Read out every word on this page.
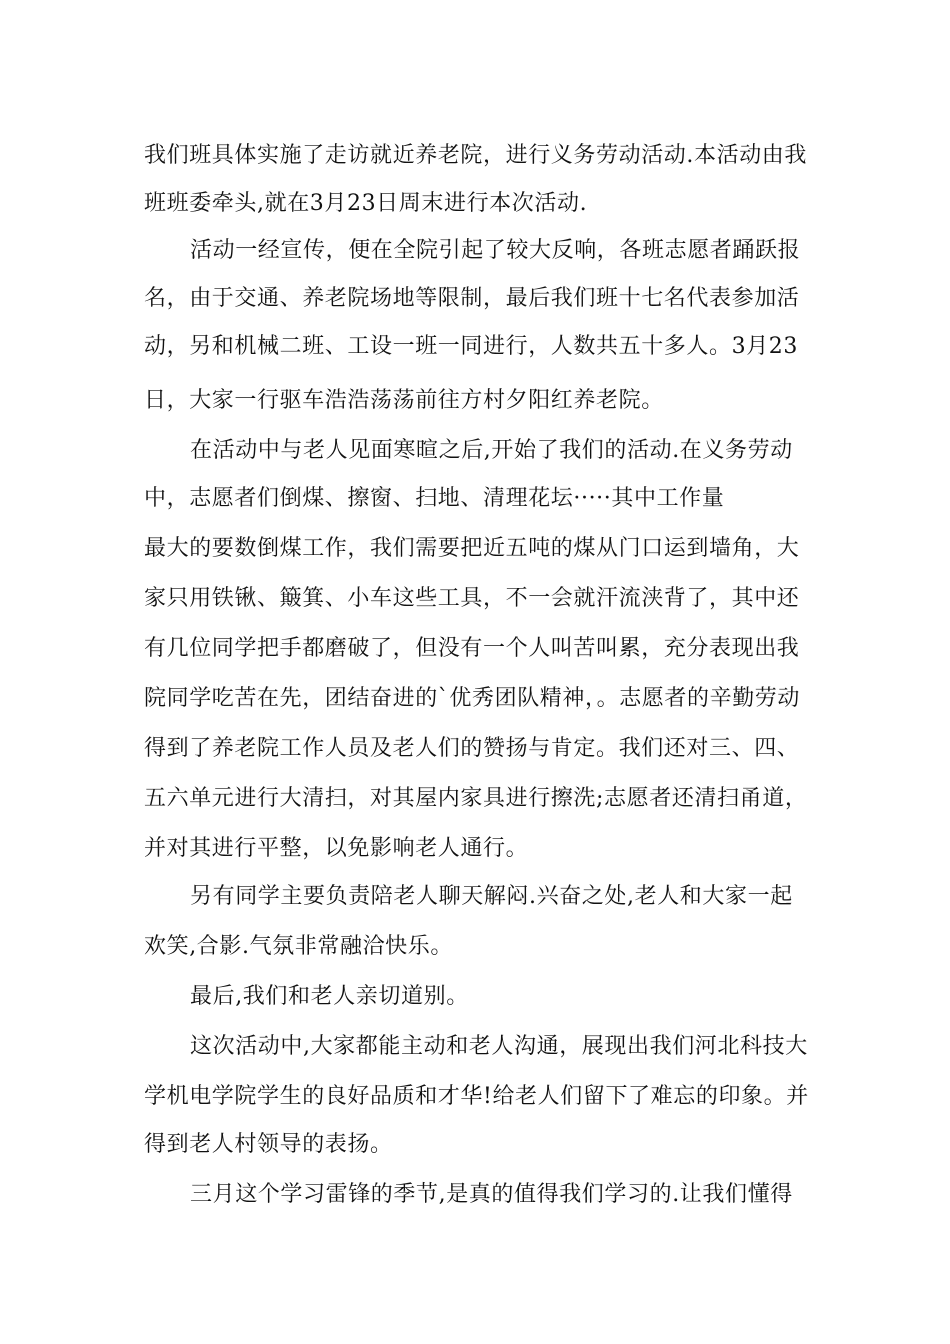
我们班具体实施了走访就近养老院，进行义务劳动活动.本活动由我
班班委牵头,就在3月23日周末进行本次活动.
活动一经宣传，便在全院引起了较大反响，各班志愿者踊跃报
名，由于交通、养老院场地等限制，最后我们班十七名代表参加活
动，另和机械二班、工设一班一同进行，人数共五十多人。3月23
日，大家一行驱车浩浩荡荡前往方村夕阳红养老院。
在活动中与老人见面寒暄之后,开始了我们的活动.在义务劳动
中，志愿者们倒煤、擦窗、扫地、清理花坛·····其中工作量
最大的要数倒煤工作，我们需要把近五吨的煤从门口运到墙角，大
家只用铁锹、簸箕、小车这些工具，不一会就汗流浃背了，其中还
有几位同学把手都磨破了，但没有一个人叫苦叫累，充分表现出我
院同学吃苦在先，团结奋进的`优秀团队精神，。志愿者的辛勤劳动
得到了养老院工作人员及老人们的赞扬与肯定。我们还对三、四、
五六单元进行大清扫，对其屋内家具进行擦洗;志愿者还清扫甬道，
并对其进行平整，以免影响老人通行。
另有同学主要负责陪老人聊天解闷.兴奋之处,老人和大家一起
欢笑,合影.气氛非常融洽快乐。
最后,我们和老人亲切道别。
这次活动中,大家都能主动和老人沟通，展现出我们河北科技大
学机电学院学生的良好品质和才华!给老人们留下了难忘的印象。并
得到老人村领导的表扬。
三月这个学习雷锋的季节,是真的值得我们学习的.让我们懂得
